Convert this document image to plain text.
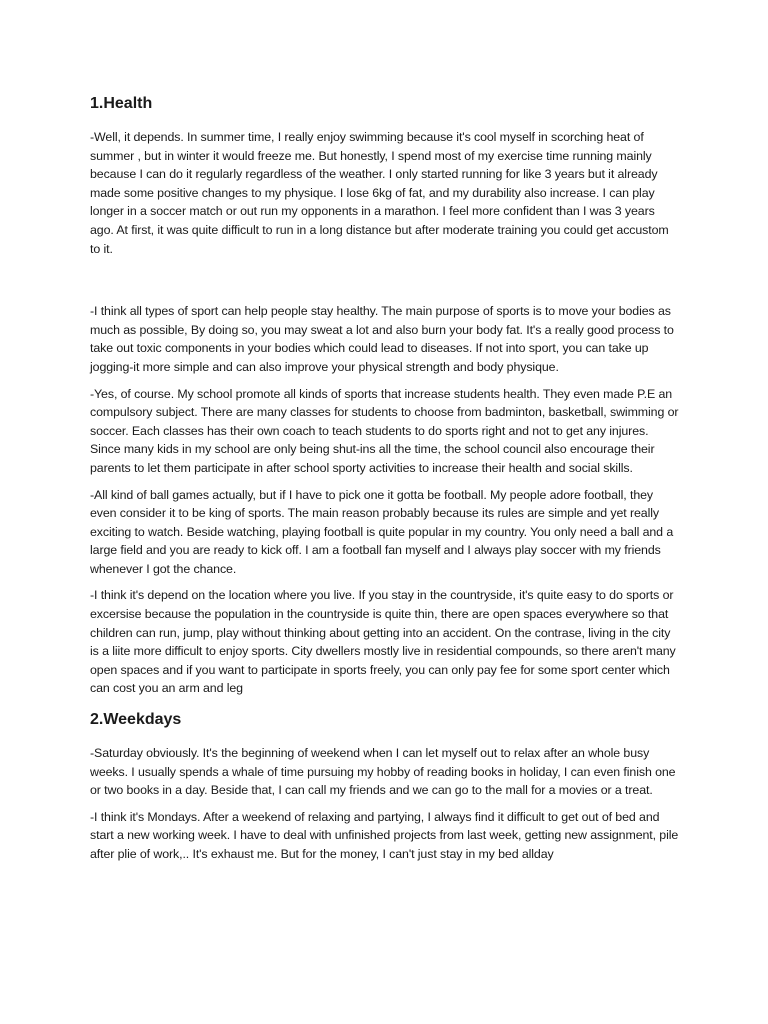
1.Health

-Well, it depends. In summer time, I really enjoy swimming because it's cool myself in scorching heat of summer , but in winter it would freeze me. But honestly, I spend most of my exercise time running mainly because I can do it regularly regardless of the weather. I only started running for like 3 years but it already made some positive changes to my physique. I lose 6kg of fat, and my durability also increase. I can play longer in a soccer match or out run my opponents in a marathon. I feel more confident than I was 3 years ago. At first, it was quite difficult to run in a long distance but after moderate training you could get accustom to it.

-I think all types of sport can help people stay healthy. The main purpose of sports is to move your bodies as much as possible, By doing so, you may sweat a lot and also burn your body fat. It's a really good process to take out toxic components in your bodies which could lead to diseases. If not into sport, you can take up jogging-it more simple and can also improve your physical strength and body physique.

-Yes, of course. My school promote all kinds of sports that increase students health. They even made P.E an compulsory subject. There are many classes for students to choose from badminton, basketball, swimming or soccer. Each classes has their own coach to teach students to do sports right and not to get any injures. Since many kids in my school are only being shut-ins all the time, the school council also encourage their parents to let them participate in after school sporty activities to increase their health and social skills.

-All kind of ball games actually, but if I have to pick one it gotta be football. My people adore football, they even consider it to be king of sports. The main reason probably because its rules are simple and yet really exciting to watch. Beside watching, playing football is quite popular in my country. You only need a ball and a large field and you are ready to kick off. I am a football fan myself and I always play soccer with my friends whenever I got the chance.

-I think it's depend on the location where you live. If you stay in the countryside, it's quite easy to do sports or excersise because the population in the countryside is quite thin, there are open spaces everywhere so that children can run, jump, play without thinking about getting into an accident. On the contrase, living in the city is a liite more difficult to enjoy sports. City dwellers mostly live in residential compounds, so there aren't many open spaces and if you want to participate in sports freely, you can only pay fee for some sport center which can cost you an arm and leg

2.Weekdays

-Saturday obviously. It's the beginning of weekend when I can let myself out to relax after an whole busy weeks. I usually spends a whale of time pursuing my hobby of reading books in holiday, I can even finish one or two books in a day. Beside that, I can call my friends and we can go to the mall for a movies or a treat.

-I think it's Mondays. After a weekend of relaxing and partying, I always find it difficult to get out of bed and start a new working week. I have to deal with unfinished projects from last week, getting new assignment, pile after plie of work,.. It's exhaust me. But for the money, I can't just stay in my bed allday
